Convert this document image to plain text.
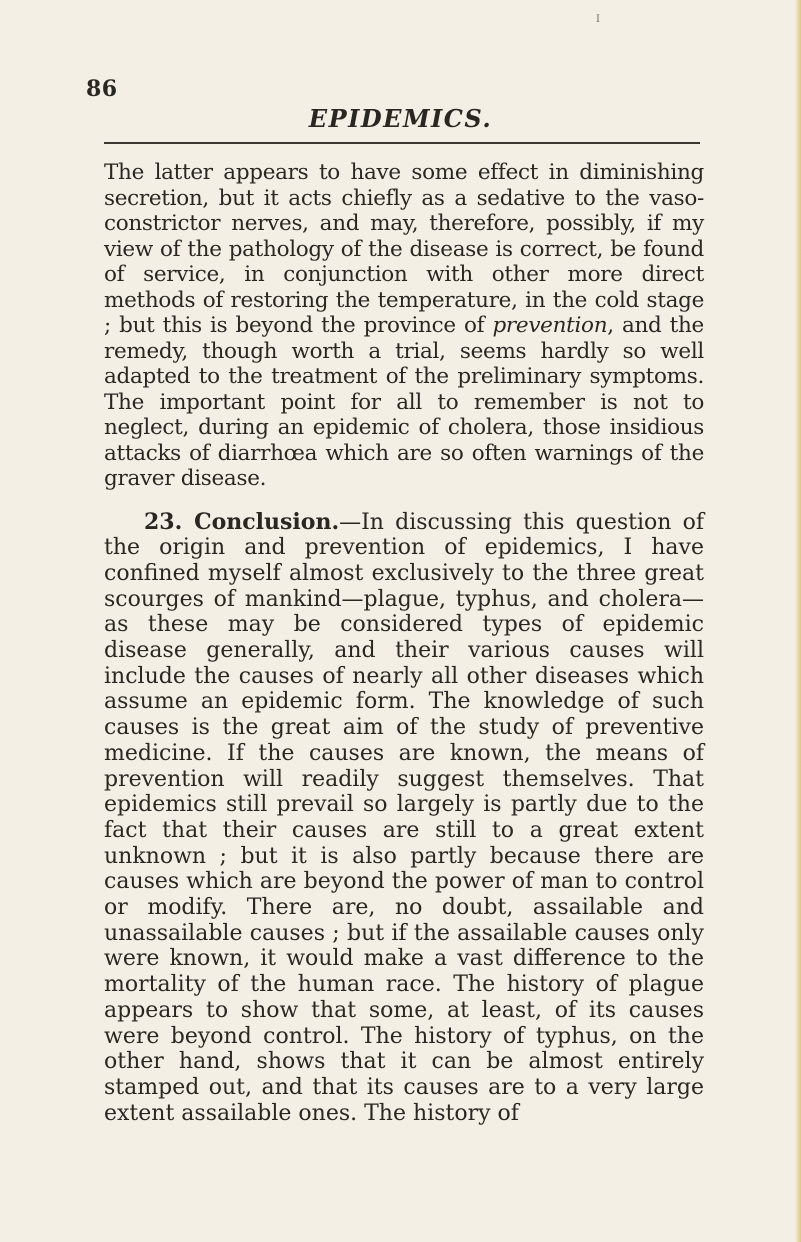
I
86
EPIDEMICS.

The latter appears to have some effect in diminishing secretion, but it acts chiefly as a sedative to the vaso-constrictor nerves, and may, therefore, possibly, if my view of the pathology of the disease is correct, be found of service, in conjunction with other more direct methods of restoring the temperature, in the cold stage ; but this is beyond the province of prevention, and the remedy, though worth a trial, seems hardly so well adapted to the treatment of the preliminary symptoms. The important point for all to remember is not to neglect, during an epidemic of cholera, those insidious attacks of diarrhœa which are so often warnings of the graver disease.

23. Conclusion.—In discussing this question of the origin and prevention of epidemics, I have confined myself almost exclusively to the three great scourges of mankind—plague, typhus, and cholera—as these may be considered types of epidemic disease generally, and their various causes will include the causes of nearly all other diseases which assume an epidemic form. The knowledge of such causes is the great aim of the study of preventive medicine. If the causes are known, the means of prevention will readily suggest themselves. That epidemics still prevail so largely is partly due to the fact that their causes are still to a great extent unknown ; but it is also partly because there are causes which are beyond the power of man to control or modify. There are, no doubt, assailable and unassailable causes ; but if the assailable causes only were known, it would make a vast difference to the mortality of the human race. The history of plague appears to show that some, at least, of its causes were beyond control. The history of typhus, on the other hand, shows that it can be almost entirely stamped out, and that its causes are to a very large extent assailable ones. The history of
